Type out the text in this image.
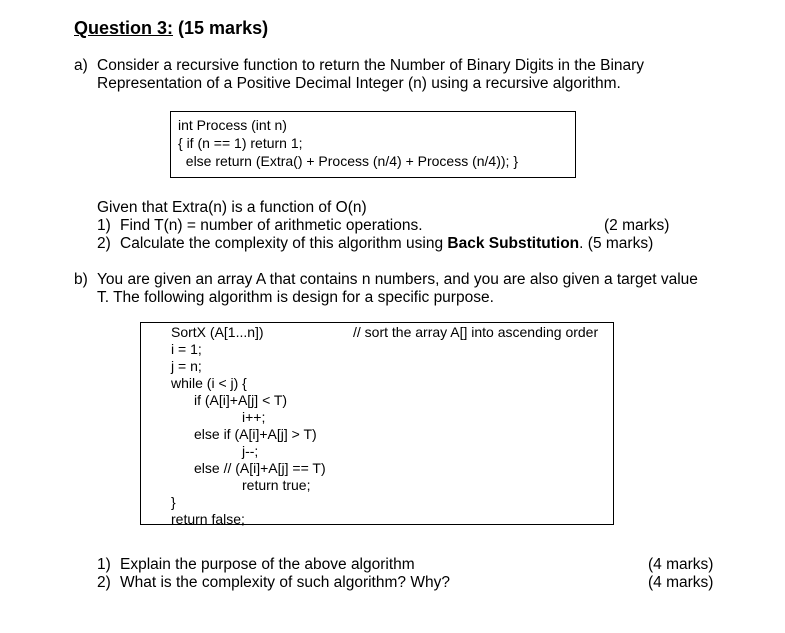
Question 3: (15 marks)
a) Consider a recursive function to return the Number of Binary Digits in the Binary
Representation of a Positive Decimal Integer (n) using a recursive algorithm.
int Process (int n)
{ if (n == 1) return 1;
else return (Extra() + Process (n/4) + Process (n/4)); }
Given that Extra(n) is a function of O(n)
1) Find T(n) = number of arithmetic operations.	(2 marks)
2) Calculate the complexity of this algorithm using Back Substitution. (5 marks)
b) You are given an array A that contains n numbers, and you are also given a target value
T. The following algorithm is design for a specific purpose.
SortX (A[1...n])	// sort the array A[] into ascending order
i = 1;
j = n;
while (i < j) {
if (A[i]+A[j] < T)
i++;
else if (A[i]+A[j] > T)
j--;
else // (A[i]+A[j] == T)
return true;
}
return false;
1) Explain the purpose of the above algorithm	(4 marks)
2) What is the complexity of such algorithm? Why?	(4 marks)
